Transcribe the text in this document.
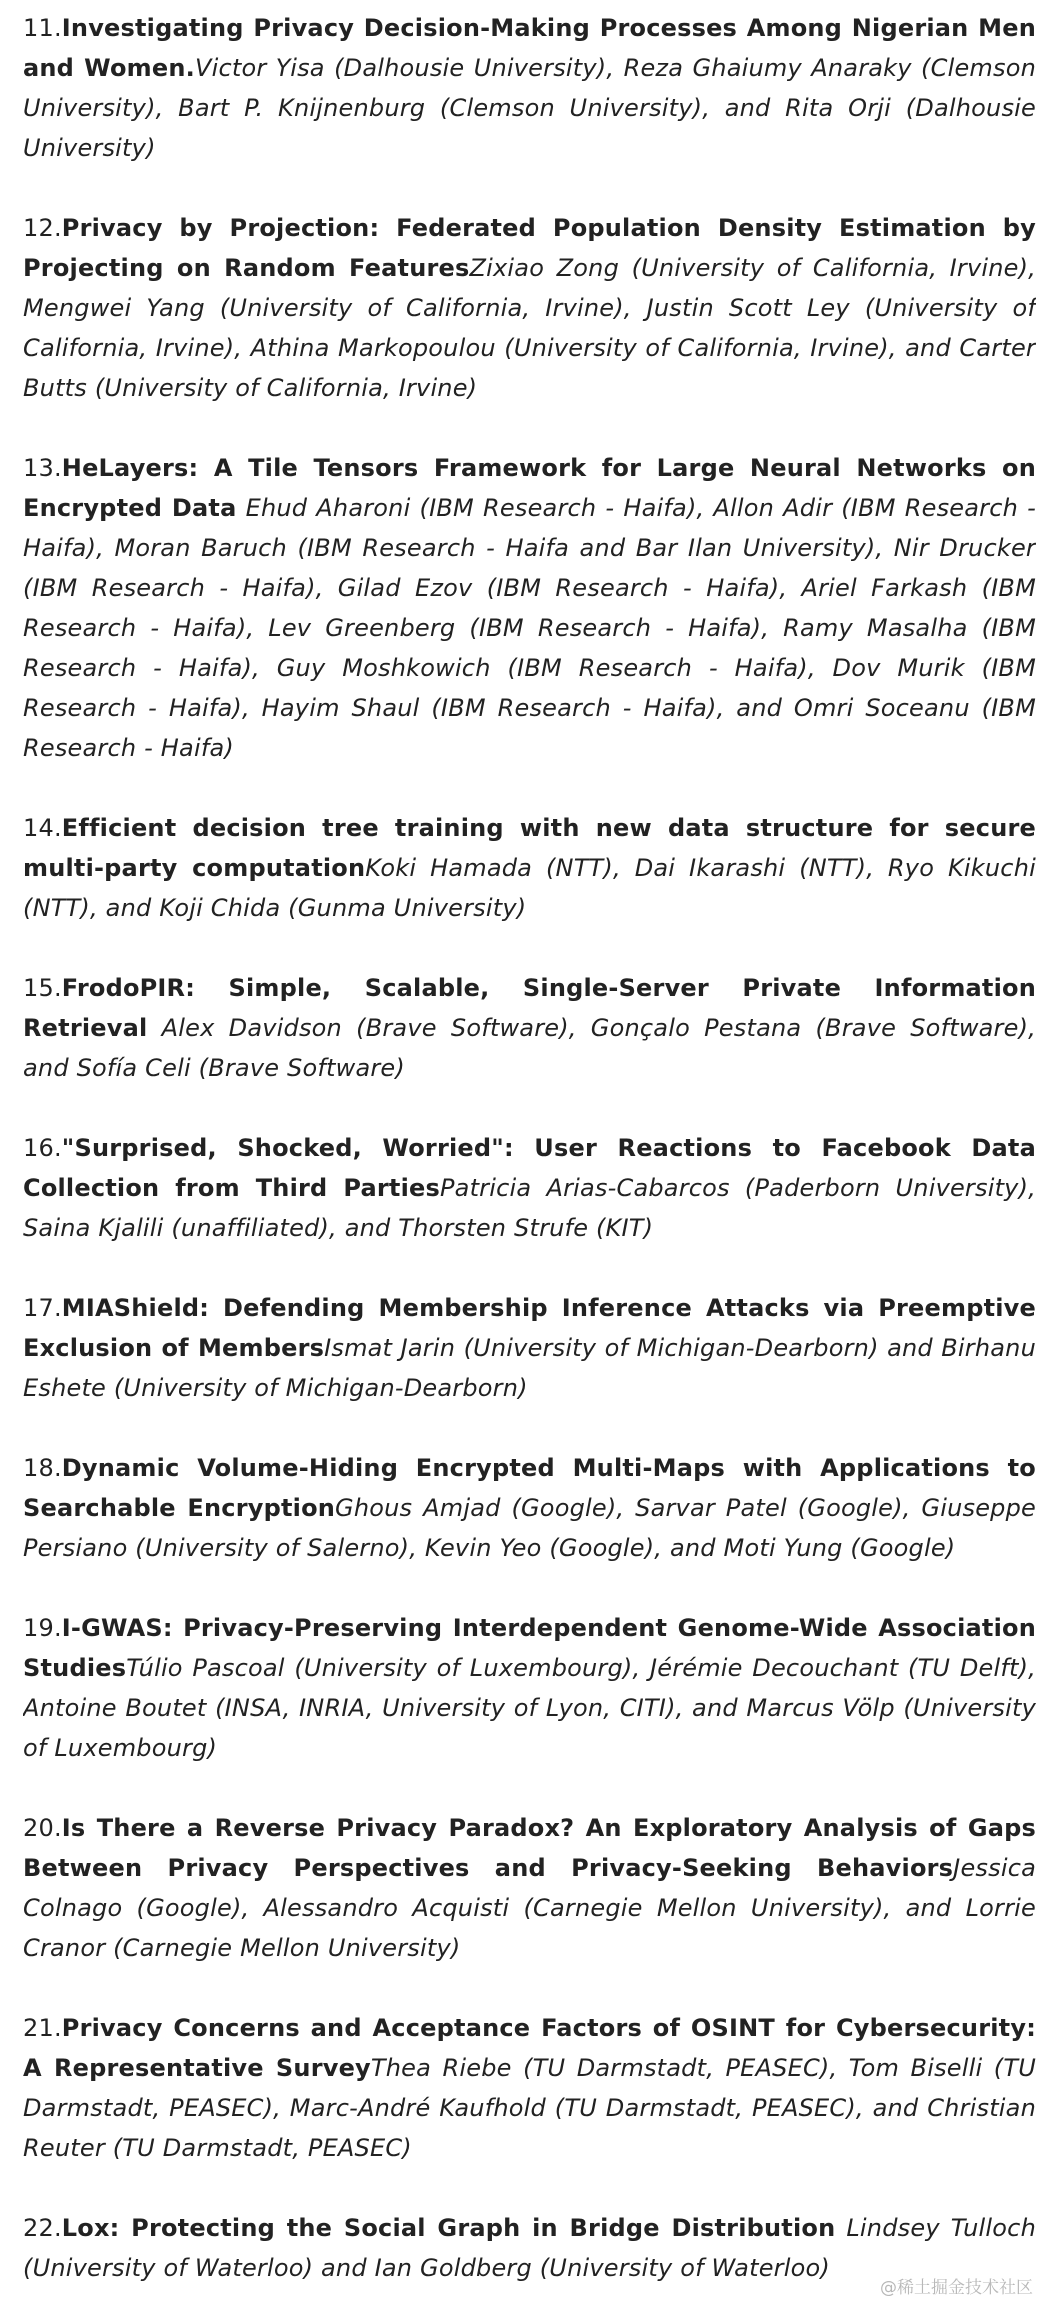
11.Investigating Privacy Decision-Making Processes Among Nigerian Men and Women.Victor Yisa (Dalhousie University), Reza Ghaiumy Anaraky (Clemson University), Bart P. Knijnenburg (Clemson University), and Rita Orji (Dalhousie University)

12.Privacy by Projection: Federated Population Density Estimation by Projecting on Random FeaturesZixiao Zong (University of California, Irvine), Mengwei Yang (University of California, Irvine), Justin Scott Ley (University of California, Irvine), Athina Markopoulou (University of California, Irvine), and Carter Butts (University of California, Irvine)

13.HeLayers: A Tile Tensors Framework for Large Neural Networks on Encrypted Data Ehud Aharoni (IBM Research - Haifa), Allon Adir (IBM Research - Haifa), Moran Baruch (IBM Research - Haifa and Bar Ilan University), Nir Drucker (IBM Research - Haifa), Gilad Ezov (IBM Research - Haifa), Ariel Farkash (IBM Research - Haifa), Lev Greenberg (IBM Research - Haifa), Ramy Masalha (IBM Research - Haifa), Guy Moshkowich (IBM Research - Haifa), Dov Murik (IBM Research - Haifa), Hayim Shaul (IBM Research - Haifa), and Omri Soceanu (IBM Research - Haifa)

14.Efficient decision tree training with new data structure for secure multi-party computationKoki Hamada (NTT), Dai Ikarashi (NTT), Ryo Kikuchi (NTT), and Koji Chida (Gunma University)

15.FrodoPIR: Simple, Scalable, Single-Server Private Information Retrieval Alex Davidson (Brave Software), Gonçalo Pestana (Brave Software), and Sofía Celi (Brave Software)

16."Surprised, Shocked, Worried": User Reactions to Facebook Data Collection from Third PartiesPatricia Arias-Cabarcos (Paderborn University), Saina Kjalili (unaffiliated), and Thorsten Strufe (KIT)

17.MIAShield: Defending Membership Inference Attacks via Preemptive Exclusion of MembersIsmat Jarin (University of Michigan-Dearborn) and Birhanu Eshete (University of Michigan-Dearborn)

18.Dynamic Volume-Hiding Encrypted Multi-Maps with Applications to Searchable EncryptionGhous Amjad (Google), Sarvar Patel (Google), Giuseppe Persiano (University of Salerno), Kevin Yeo (Google), and Moti Yung (Google)

19.I-GWAS: Privacy-Preserving Interdependent Genome-Wide Association StudiesTúlio Pascoal (University of Luxembourg), Jérémie Decouchant (TU Delft), Antoine Boutet (INSA, INRIA, University of Lyon, CITI), and Marcus Völp (University of Luxembourg)

20.Is There a Reverse Privacy Paradox? An Exploratory Analysis of Gaps Between Privacy Perspectives and Privacy-Seeking BehaviorsJessica Colnago (Google), Alessandro Acquisti (Carnegie Mellon University), and Lorrie Cranor (Carnegie Mellon University)

21.Privacy Concerns and Acceptance Factors of OSINT for Cybersecurity: A Representative SurveyThea Riebe (TU Darmstadt, PEASEC), Tom Biselli (TU Darmstadt, PEASEC), Marc-André Kaufhold (TU Darmstadt, PEASEC), and Christian Reuter (TU Darmstadt, PEASEC)

22.Lox: Protecting the Social Graph in Bridge Distribution Lindsey Tulloch (University of Waterloo) and Ian Goldberg (University of Waterloo)

@稀土掘金技术社区
